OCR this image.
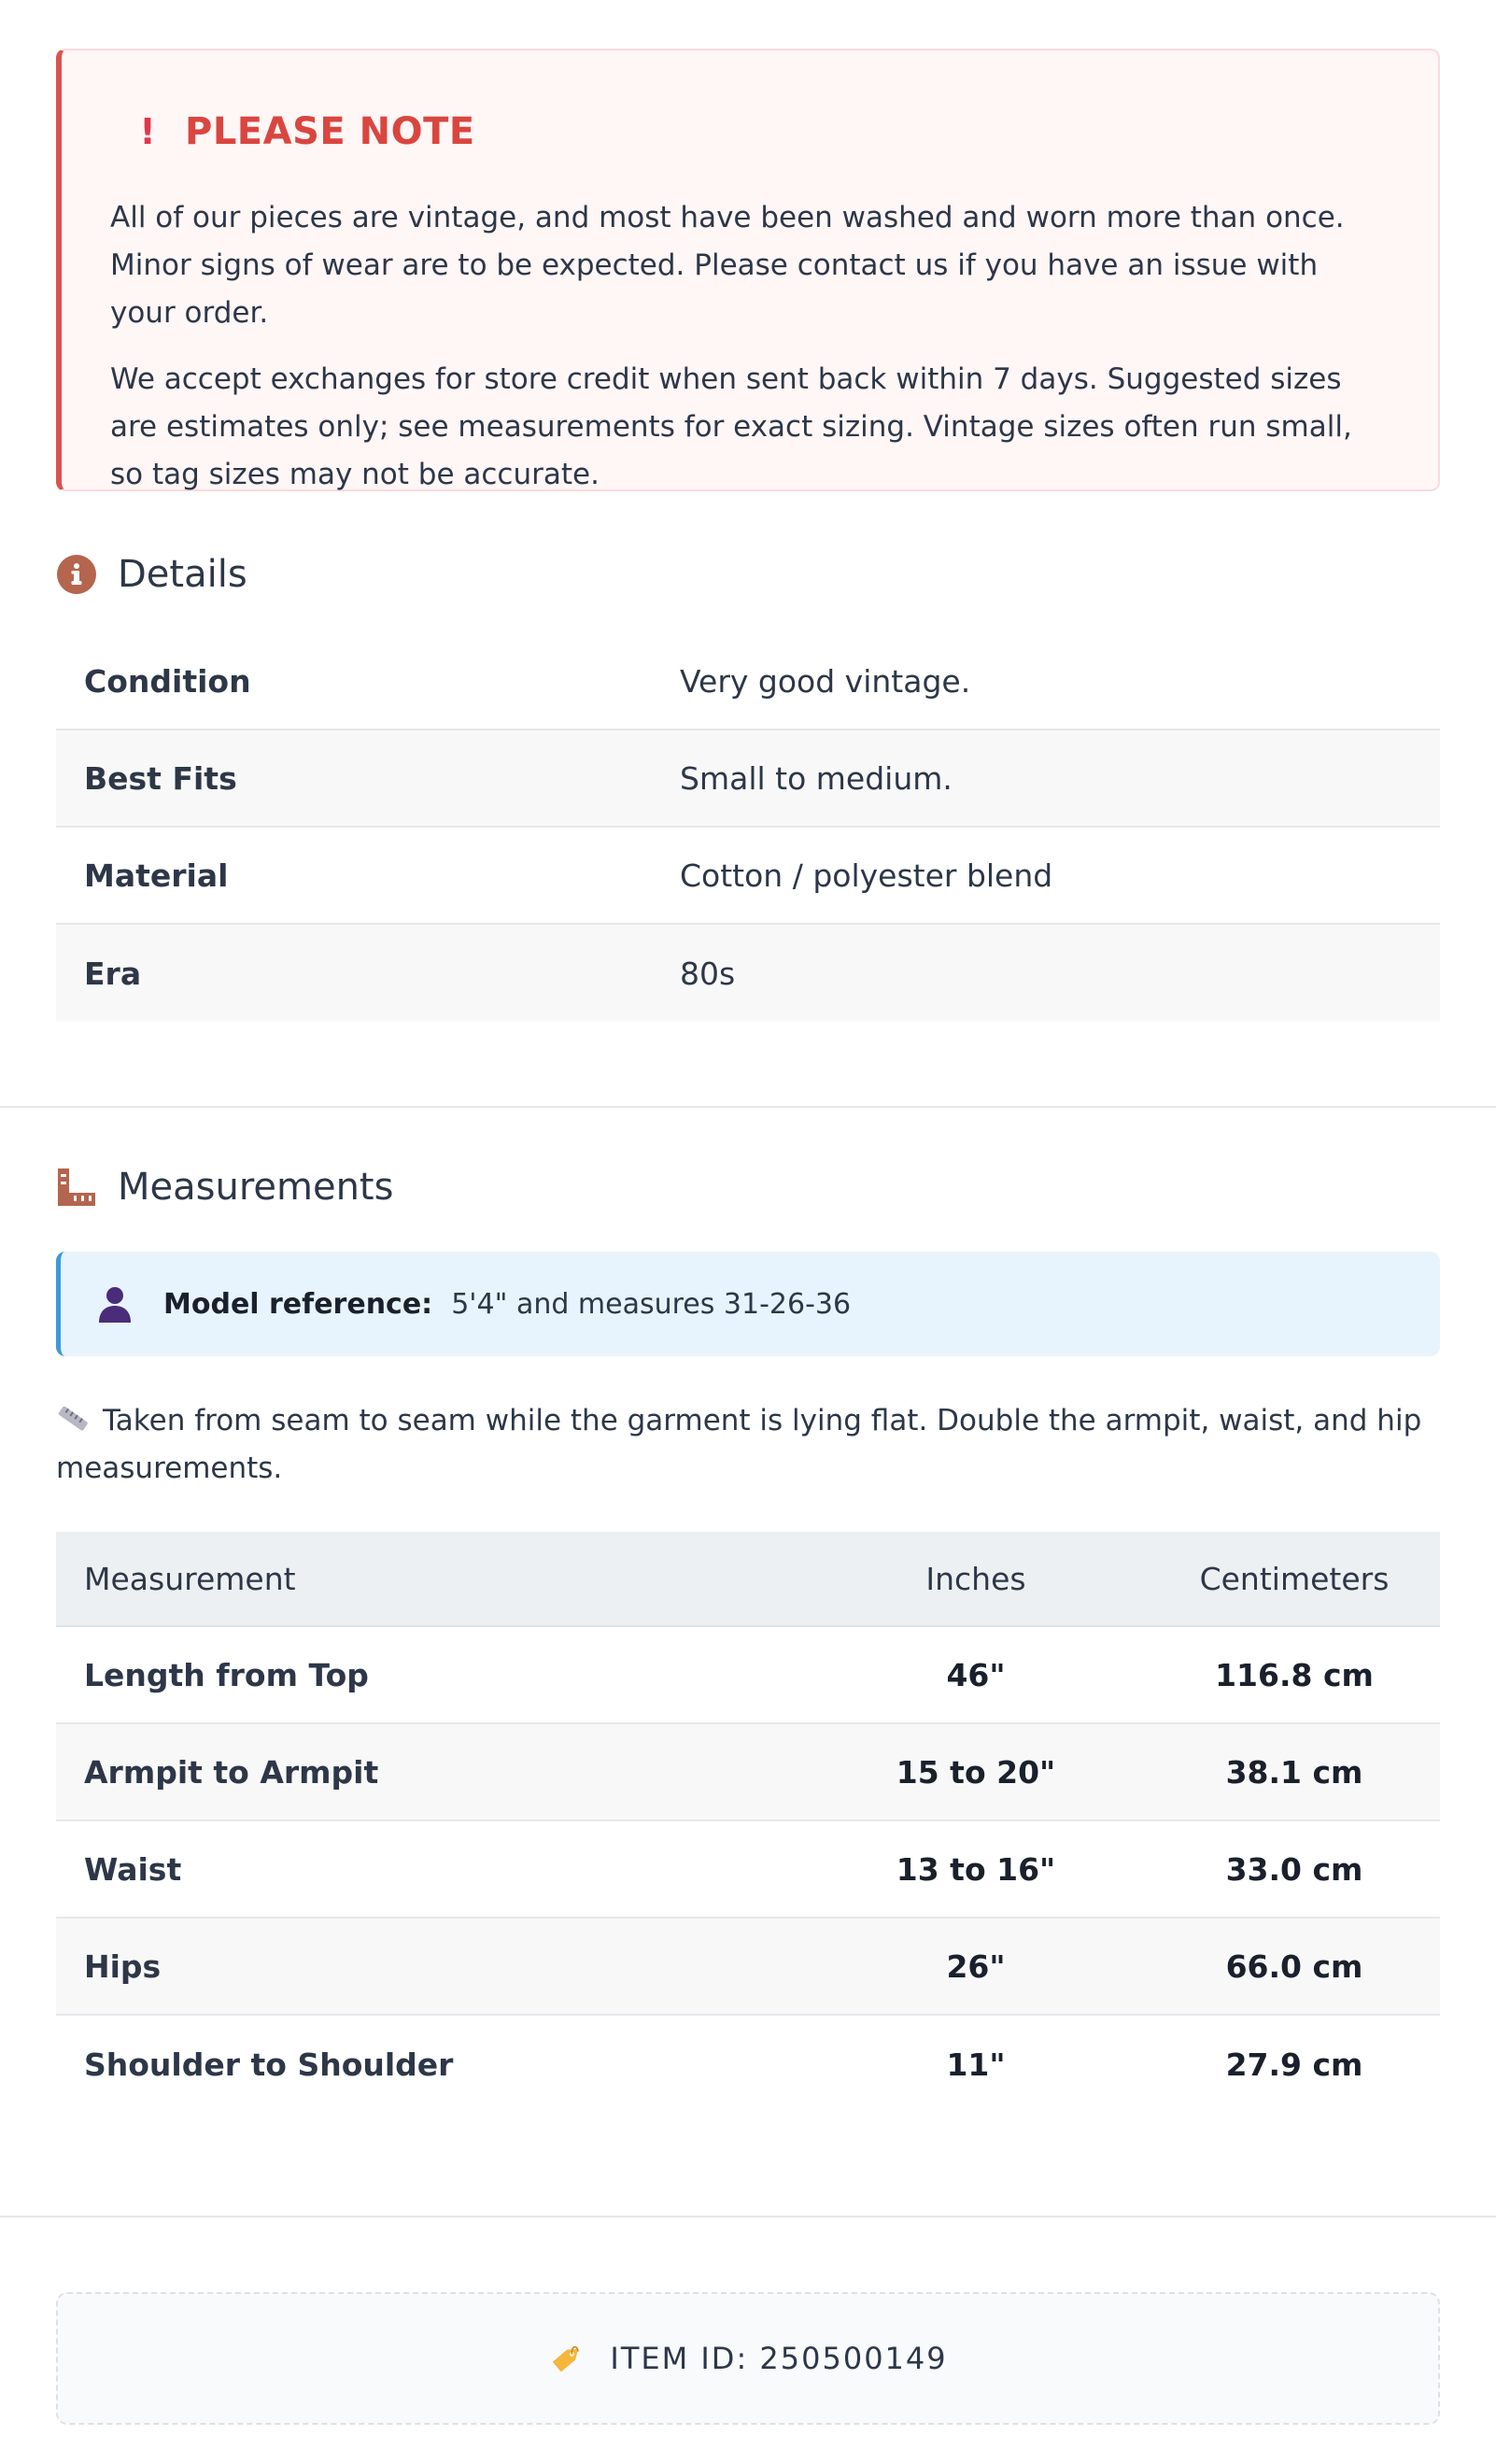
! PLEASE NOTE

All of our pieces are vintage, and most have been washed and worn more than once. Minor signs of wear are to be expected. Please contact us if you have an issue with your order.

We accept exchanges for store credit when sent back within 7 days. Suggested sizes are estimates only; see measurements for exact sizing. Vintage sizes often run small, so tag sizes may not be accurate.

Details
Condition	Very good vintage.
Best Fits	Small to medium.
Material	Cotton / polyester blend
Era	80s
Measurements
Model reference: 5'4" and measures 31-26-36
Taken from seam to seam while the garment is lying flat. Double the armpit, waist, and hip measurements.
Measurement	Inches	Centimeters
Length from Top	46"	116.8 cm
Armpit to Armpit	15 to 20"	38.1 cm
Waist	13 to 16"	33.0 cm
Hips	26"	66.0 cm
Shoulder to Shoulder	11"	27.9 cm
ITEM ID: 250500149
